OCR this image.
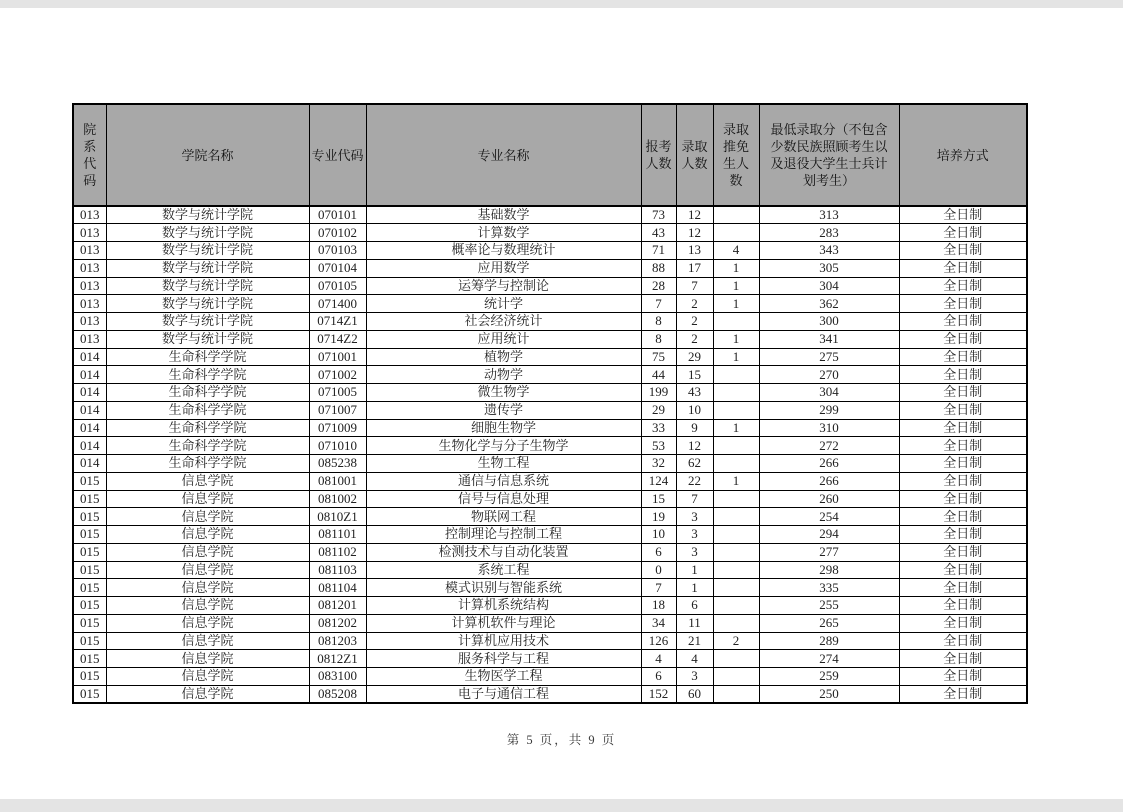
院系代码	学院名称	专业代码	专业名称	报考人数	录取人数	录取推免生人数	最低录取分（不包含少数民族照顾考生以及退役大学生士兵计划考生）	培养方式
013	数学与统计学院	070101	基础数学	73	12		313	全日制
013	数学与统计学院	070102	计算数学	43	12		283	全日制
013	数学与统计学院	070103	概率论与数理统计	71	13	4	343	全日制
013	数学与统计学院	070104	应用数学	88	17	1	305	全日制
013	数学与统计学院	070105	运筹学与控制论	28	7	1	304	全日制
013	数学与统计学院	071400	统计学	7	2	1	362	全日制
013	数学与统计学院	0714Z1	社会经济统计	8	2		300	全日制
013	数学与统计学院	0714Z2	应用统计	8	2	1	341	全日制
014	生命科学学院	071001	植物学	75	29	1	275	全日制
014	生命科学学院	071002	动物学	44	15		270	全日制
014	生命科学学院	071005	微生物学	199	43		304	全日制
014	生命科学学院	071007	遗传学	29	10		299	全日制
014	生命科学学院	071009	细胞生物学	33	9	1	310	全日制
014	生命科学学院	071010	生物化学与分子生物学	53	12		272	全日制
014	生命科学学院	085238	生物工程	32	62		266	全日制
015	信息学院	081001	通信与信息系统	124	22	1	266	全日制
015	信息学院	081002	信号与信息处理	15	7		260	全日制
015	信息学院	0810Z1	物联网工程	19	3		254	全日制
015	信息学院	081101	控制理论与控制工程	10	3		294	全日制
015	信息学院	081102	检测技术与自动化装置	6	3		277	全日制
015	信息学院	081103	系统工程	0	1		298	全日制
015	信息学院	081104	模式识别与智能系统	7	1		335	全日制
015	信息学院	081201	计算机系统结构	18	6		255	全日制
015	信息学院	081202	计算机软件与理论	34	11		265	全日制
015	信息学院	081203	计算机应用技术	126	21	2	289	全日制
015	信息学院	0812Z1	服务科学与工程	4	4		274	全日制
015	信息学院	083100	生物医学工程	6	3		259	全日制
015	信息学院	085208	电子与通信工程	152	60		250	全日制
第 5 页，共 9 页
